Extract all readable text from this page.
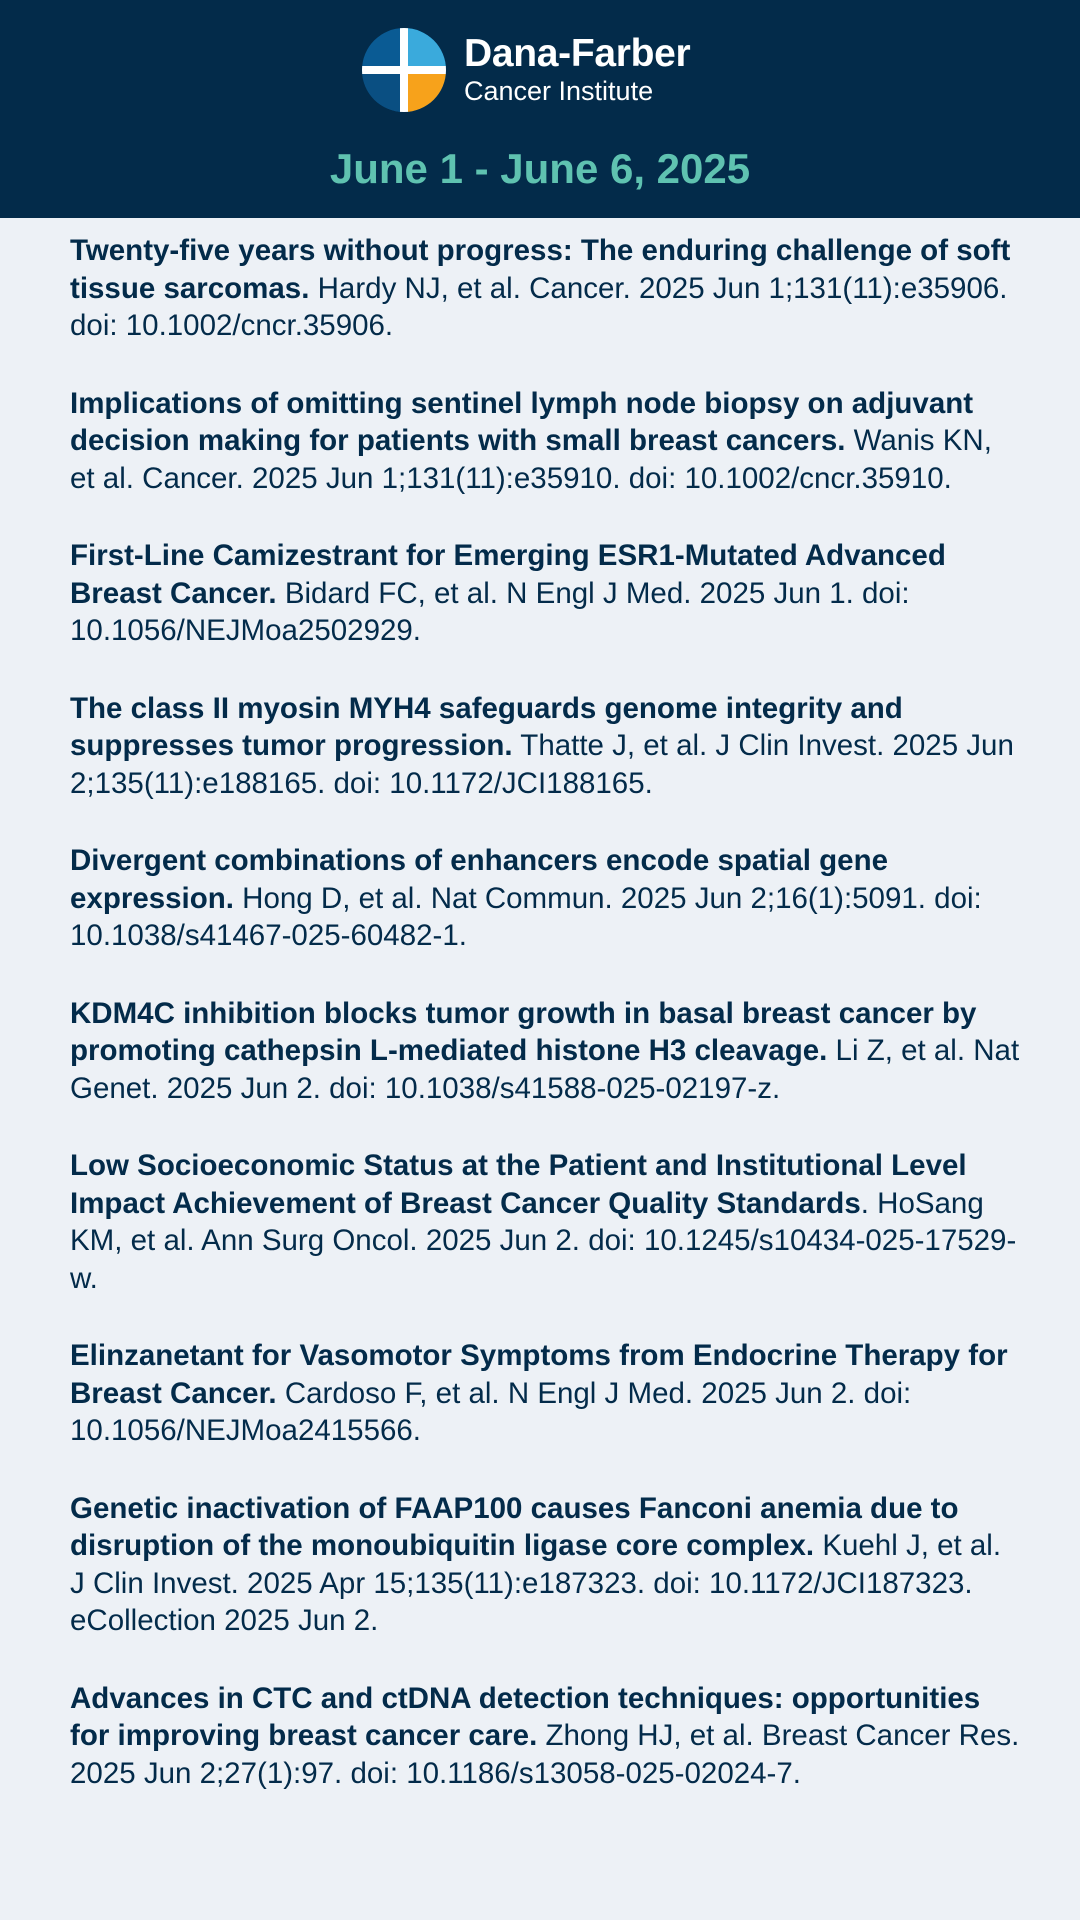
Dana-Farber
Cancer Institute
June 1 - June 6, 2025
Twenty-five years without progress: The enduring challenge of soft tissue sarcomas. Hardy NJ, et al. Cancer. 2025 Jun 1;131(11):e35906. doi: 10.1002/cncr.35906.
Implications of omitting sentinel lymph node biopsy on adjuvant decision making for patients with small breast cancers. Wanis KN, et al. Cancer. 2025 Jun 1;131(11):e35910. doi: 10.1002/cncr.35910.
First-Line Camizestrant for Emerging ESR1-Mutated Advanced Breast Cancer. Bidard FC, et al. N Engl J Med. 2025 Jun 1. doi: 10.1056/NEJMoa2502929.
The class II myosin MYH4 safeguards genome integrity and suppresses tumor progression. Thatte J, et al. J Clin Invest. 2025 Jun 2;135(11):e188165. doi: 10.1172/JCI188165.
Divergent combinations of enhancers encode spatial gene expression. Hong D, et al. Nat Commun. 2025 Jun 2;16(1):5091. doi: 10.1038/s41467-025-60482-1.
KDM4C inhibition blocks tumor growth in basal breast cancer by promoting cathepsin L-mediated histone H3 cleavage. Li Z, et al. Nat Genet. 2025 Jun 2. doi: 10.1038/s41588-025-02197-z.
Low Socioeconomic Status at the Patient and Institutional Level Impact Achievement of Breast Cancer Quality Standards. HoSang KM, et al. Ann Surg Oncol. 2025 Jun 2. doi: 10.1245/s10434-025-17529-w.
Elinzanetant for Vasomotor Symptoms from Endocrine Therapy for Breast Cancer. Cardoso F, et al. N Engl J Med. 2025 Jun 2. doi: 10.1056/NEJMoa2415566.
Genetic inactivation of FAAP100 causes Fanconi anemia due to disruption of the monoubiquitin ligase core complex. Kuehl J, et al. J Clin Invest. 2025 Apr 15;135(11):e187323. doi: 10.1172/JCI187323. eCollection 2025 Jun 2.
Advances in CTC and ctDNA detection techniques: opportunities for improving breast cancer care. Zhong HJ, et al. Breast Cancer Res. 2025 Jun 2;27(1):97. doi: 10.1186/s13058-025-02024-7.
